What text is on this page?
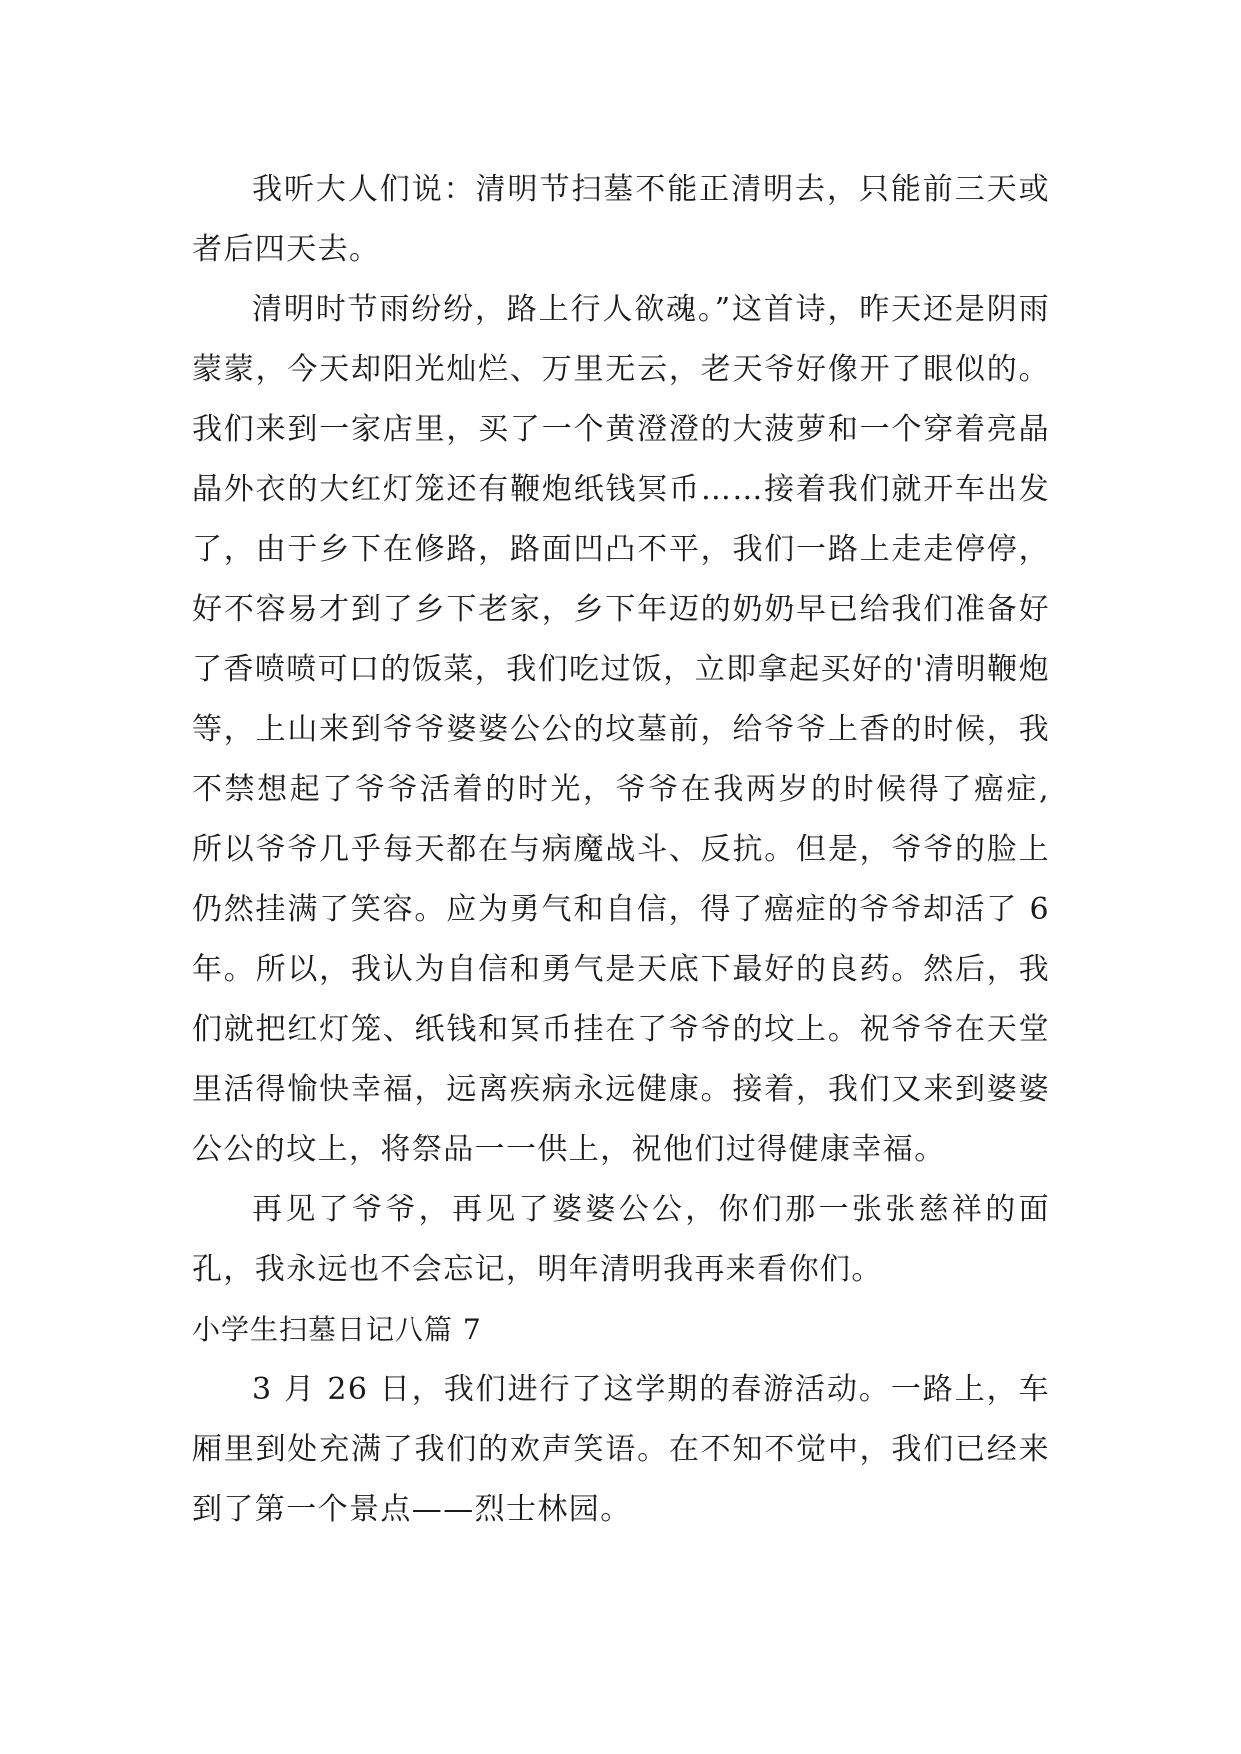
我听大人们说：清明节扫墓不能正清明去，只能前三天或者后四天去。

清明时节雨纷纷，路上行人欲魂。”这首诗，昨天还是阴雨蒙蒙，今天却阳光灿烂、万里无云，老天爷好像开了眼似的。我们来到一家店里，买了一个黄澄澄的大菠萝和一个穿着亮晶晶外衣的大红灯笼还有鞭炮纸钱冥币……接着我们就开车出发了，由于乡下在修路，路面凹凸不平，我们一路上走走停停，好不容易才到了乡下老家，乡下年迈的奶奶早已给我们准备好了香喷喷可口的饭菜，我们吃过饭，立即拿起买好的'清明鞭炮等，上山来到爷爷婆婆公公的坟墓前，给爷爷上香的时候，我不禁想起了爷爷活着的时光，爷爷在我两岁的时候得了癌症,所以爷爷几乎每天都在与病魔战斗、反抗。但是，爷爷的脸上仍然挂满了笑容。应为勇气和自信，得了癌症的爷爷却活了 6 年。所以，我认为自信和勇气是天底下最好的良药。然后，我们就把红灯笼、纸钱和冥币挂在了爷爷的坟上。祝爷爷在天堂里活得愉快幸福，远离疾病永远健康。接着，我们又来到婆婆公公的坟上，将祭品一一供上，祝他们过得健康幸福。

再见了爷爷，再见了婆婆公公，你们那一张张慈祥的面孔，我永远也不会忘记，明年清明我再来看你们。

小学生扫墓日记八篇 7

3 月 26 日，我们进行了这学期的春游活动。一路上，车厢里到处充满了我们的欢声笑语。在不知不觉中，我们已经来到了第一个景点——烈士林园。
